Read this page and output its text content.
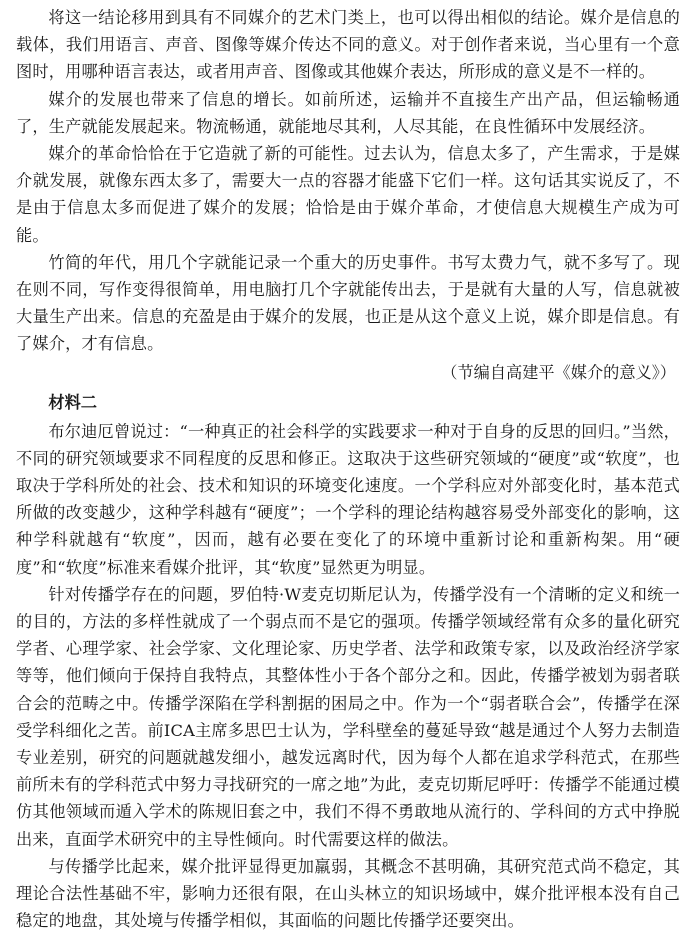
将这一结论移用到具有不同媒介的艺术门类上，也可以得出相似的结论。媒介是信息的载体，我们用语言、声音、图像等媒介传达不同的意义。对于创作者来说，当心里有一个意图时，用哪种语言表达，或者用声音、图像或其他媒介表达，所形成的意义是不一样的。

媒介的发展也带来了信息的增长。如前所述，运输并不直接生产出产品，但运输畅通了，生产就能发展起来。物流畅通，就能地尽其利，人尽其能，在良性循环中发展经济。

媒介的革命恰恰在于它造就了新的可能性。过去认为，信息太多了，产生需求，于是媒介就发展，就像东西太多了，需要大一点的容器才能盛下它们一样。这句话其实说反了，不是由于信息太多而促进了媒介的发展；恰恰是由于媒介革命，才使信息大规模生产成为可能。

竹简的年代，用几个字就能记录一个重大的历史事件。书写太费力气，就不多写了。现在则不同，写作变得很简单，用电脑打几个字就能传出去，于是就有大量的人写，信息就被大量生产出来。信息的充盈是由于媒介的发展，也正是从这个意义上说，媒介即是信息。有了媒介，才有信息。

（节编自高建平《媒介的意义》）

材料二

布尔迪厄曾说过：“一种真正的社会科学的实践要求一种对于自身的反思的回归。”当然，不同的研究领域要求不同程度的反思和修正。这取决于这些研究领域的“硬度”或“软度”，也取决于学科所处的社会、技术和知识的环境变化速度。一个学科应对外部变化时，基本范式所做的改变越少，这种学科越有“硬度”；一个学科的理论结构越容易受外部变化的影响，这种学科就越有“软度”，因而，越有必要在变化了的环境中重新讨论和重新构架。用“硬度”和“软度”标准来看媒介批评，其“软度”显然更为明显。

针对传播学存在的问题，罗伯特·W麦克切斯尼认为，传播学没有一个清晰的定义和统一的目的，方法的多样性就成了一个弱点而不是它的强项。传播学领域经常有众多的量化研究学者、心理学家、社会学家、文化理论家、历史学者、法学和政策专家，以及政治经济学家等等，他们倾向于保持自我特点，其整体性小于各个部分之和。因此，传播学被划为弱者联合会的范畴之中。传播学深陷在学科割据的困局之中。作为一个“弱者联合会”，传播学在深受学科细化之苦。前ICA主席多思巴士认为，学科壁垒的蔓延导致“越是通过个人努力去制造专业差别，研究的问题就越发细小，越发远离时代，因为每个人都在追求学科范式，在那些前所未有的学科范式中努力寻找研究的一席之地”为此，麦克切斯尼呼吁：传播学不能通过模仿其他领域而遁入学术的陈规旧套之中，我们不得不勇敢地从流行的、学科间的方式中挣脱出来，直面学术研究中的主导性倾向。时代需要这样的做法。

与传播学比起来，媒介批评显得更加羸弱，其概念不甚明确，其研究范式尚不稳定，其理论合法性基础不牢，影响力还很有限，在山头林立的知识场域中，媒介批评根本没有自己稳定的地盘，其处境与传播学相似，其面临的问题比传播学还要突出。
